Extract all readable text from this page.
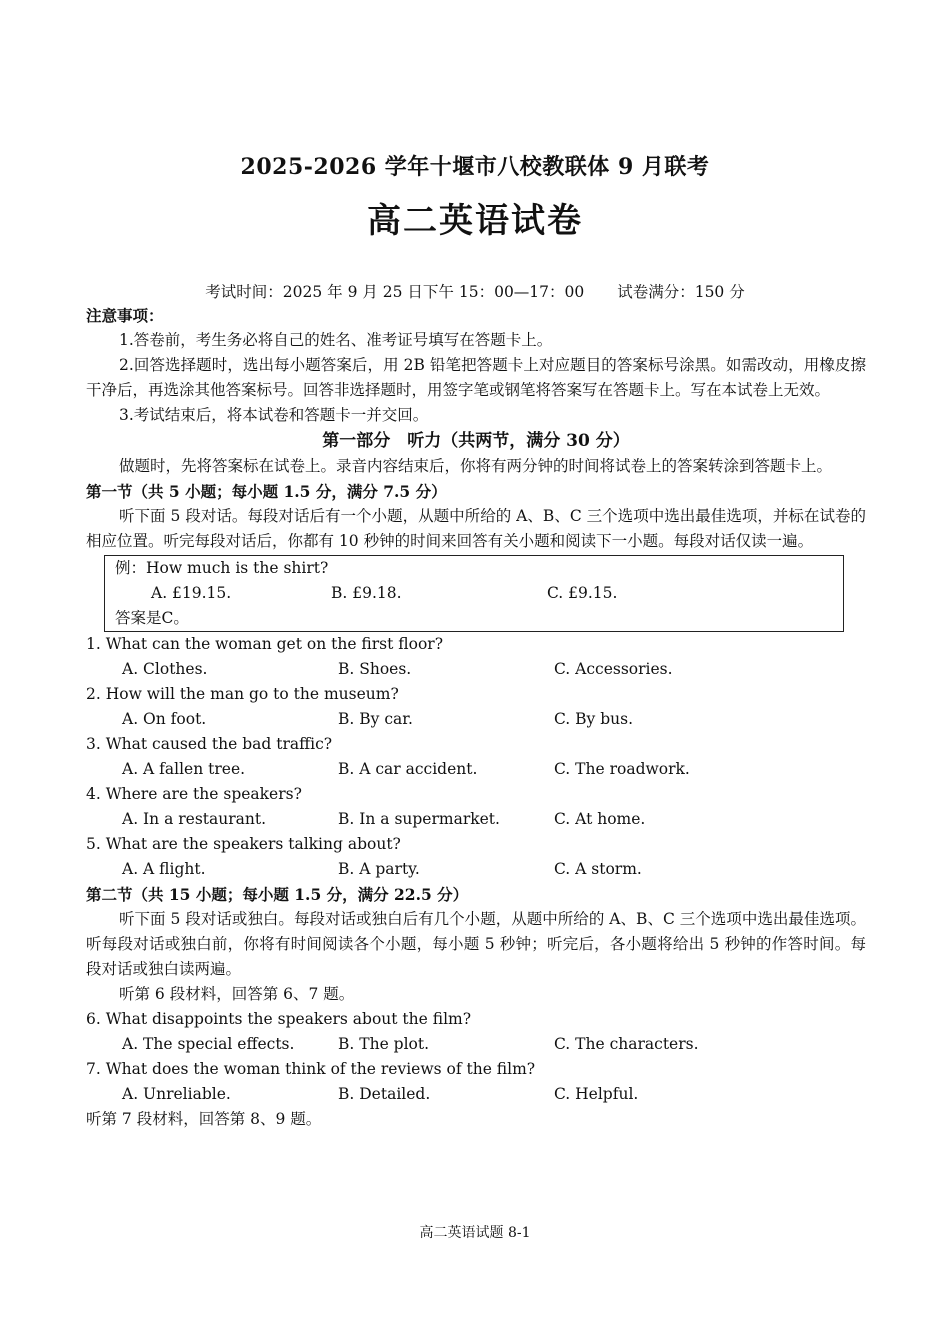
2025-2026 学年十堰市八校教联体 9 月联考
高二英语试卷
考试时间：2025 年 9 月 25 日下午 15：00—17：00 试卷满分：150 分
注意事项：
1.答卷前，考生务必将自己的姓名、准考证号填写在答题卡上。
2.回答选择题时，选出每小题答案后，用 2B 铅笔把答题卡上对应题目的答案标号涂黑。如需改动，用橡皮擦干净后，再选涂其他答案标号。回答非选择题时，用签字笔或钢笔将答案写在答题卡上。写在本试卷上无效。
3.考试结束后，将本试卷和答题卡一并交回。
第一部分　听力（共两节，满分 30 分）
做题时，先将答案标在试卷上。录音内容结束后，你将有两分钟的时间将试卷上的答案转涂到答题卡上。
第一节（共 5 小题；每小题 1.5 分，满分 7.5 分）
听下面 5 段对话。每段对话后有一个小题，从题中所给的 A、B、C 三个选项中选出最佳选项，并标在试卷的相应位置。听完每段对话后，你都有 10 秒钟的时间来回答有关小题和阅读下一小题。每段对话仅读一遍。
例：How much is the shirt?
A. £19.15.	B. £9.18.	C. £9.15.
答案是C。
1. What can the woman get on the first floor?
A. Clothes.	B. Shoes.	C. Accessories.
2. How will the man go to the museum?
A. On foot.	B. By car.	C. By bus.
3. What caused the bad traffic?
A. A fallen tree.	B. A car accident.	C. The roadwork.
4. Where are the speakers?
A. In a restaurant.	B. In a supermarket.	C. At home.
5. What are the speakers talking about?
A. A flight.	B. A party.	C. A storm.
第二节（共 15 小题；每小题 1.5 分，满分 22.5 分）
听下面 5 段对话或独白。每段对话或独白后有几个小题，从题中所给的 A、B、C 三个选项中选出最佳选项。听每段对话或独白前，你将有时间阅读各个小题，每小题 5 秒钟；听完后，各小题将给出 5 秒钟的作答时间。每段对话或独白读两遍。
听第 6 段材料，回答第 6、7 题。
6. What disappoints the speakers about the film?
A. The special effects.	B. The plot.	C. The characters.
7. What does the woman think of the reviews of the film?
A. Unreliable.	B. Detailed.	C. Helpful.
听第 7 段材料，回答第 8、9 题。
高二英语试题 8-1
